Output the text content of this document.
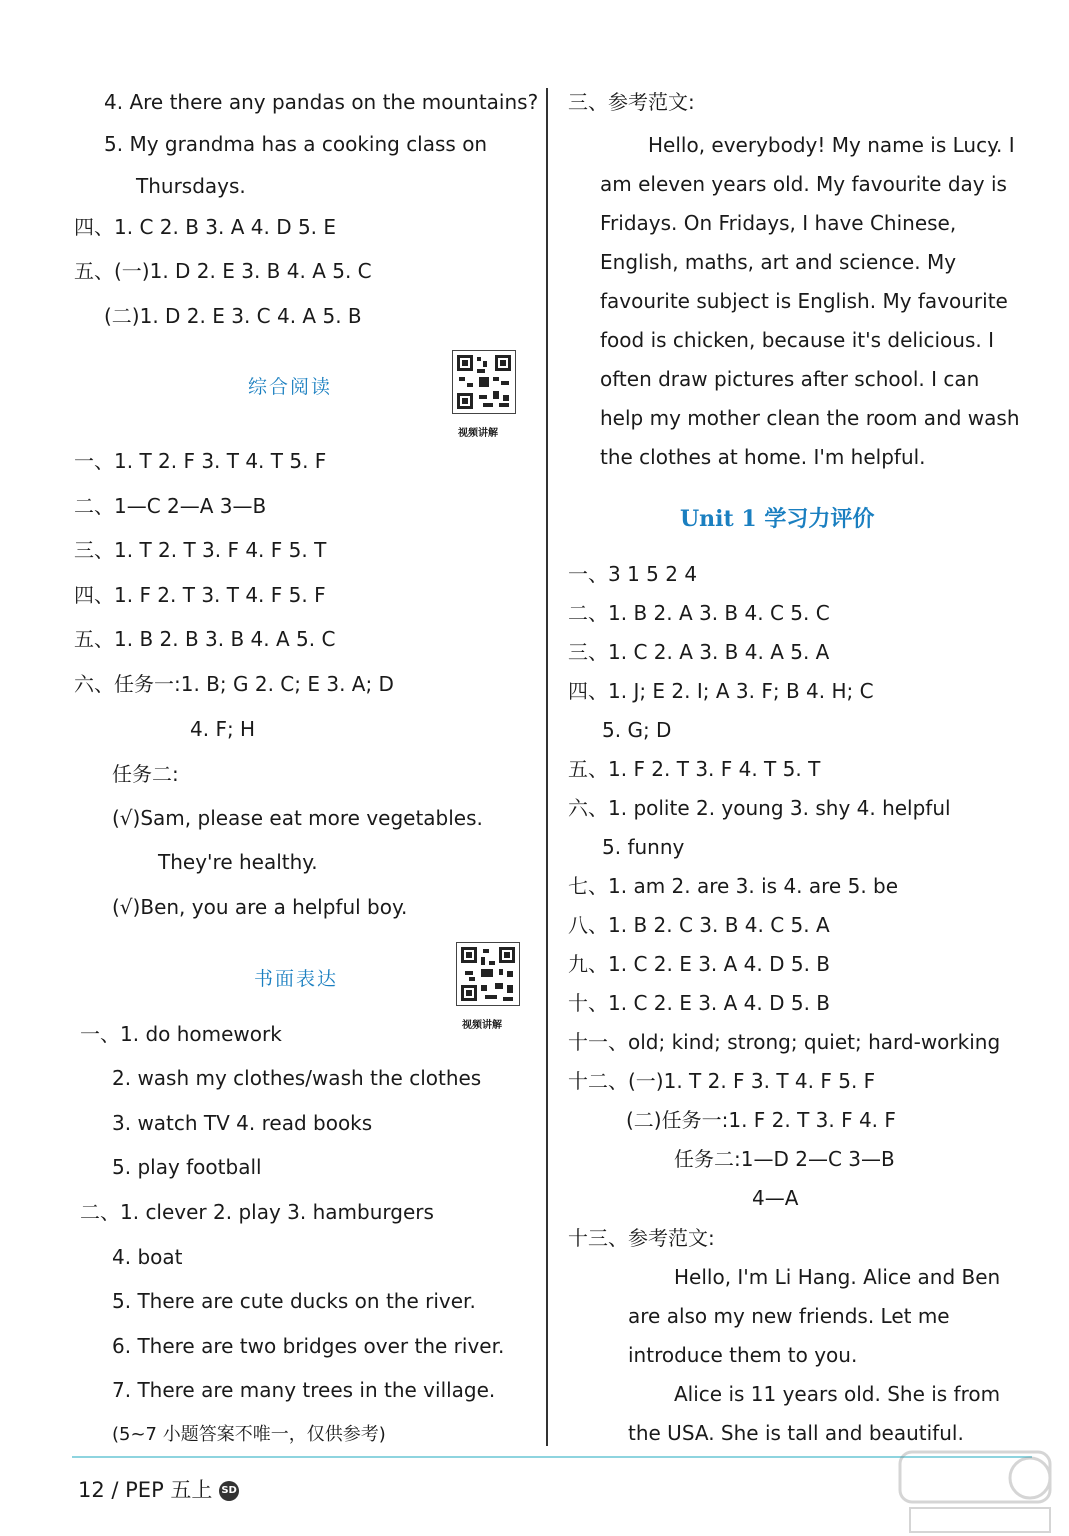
4. Are there any pandas on the mountains?
5. My grandma has a cooking class on
Thursdays.
四、1. C 2. B 3. A 4. D 5. E
五、(一)1. D 2. E 3. B 4. A 5. C
(二)1. D 2. E 3. C 4. A 5. B
综合阅读
视频讲解
一、1. T 2. F 3. T 4. T 5. F
二、1—C 2—A 3—B
三、1. T 2. T 3. F 4. F 5. T
四、1. F 2. T 3. T 4. F 5. F
五、1. B 2. B 3. B 4. A 5. C
六、任务一:1. B; G 2. C; E 3. A; D
4. F; H
任务二:
(√)Sam, please eat more vegetables.
They're healthy.
(√)Ben, you are a helpful boy.
书面表达
视频讲解
一、1. do homework
2. wash my clothes/wash the clothes
3. watch TV 4. read books
5. play football
二、1. clever 2. play 3. hamburgers
4. boat
5. There are cute ducks on the river.
6. There are two bridges over the river.
7. There are many trees in the village.
(5~7 小题答案不唯一，仅供参考)
三、参考范文:
Hello, everybody! My name is Lucy. I
am eleven years old. My favourite day is
Fridays. On Fridays, I have Chinese,
English, maths, art and science. My
favourite subject is English. My favourite
food is chicken, because it's delicious. I
often draw pictures after school. I can
help my mother clean the room and wash
the clothes at home. I'm helpful.
Unit 1 学习力评价
一、3 1 5 2 4
二、1. B 2. A 3. B 4. C 5. C
三、1. C 2. A 3. B 4. A 5. A
四、1. J; E 2. I; A 3. F; B 4. H; C
5. G; D
五、1. F 2. T 3. F 4. T 5. T
六、1. polite 2. young 3. shy 4. helpful
5. funny
七、1. am 2. are 3. is 4. are 5. be
八、1. B 2. C 3. B 4. C 5. A
九、1. C 2. E 3. A 4. D 5. B
十、1. C 2. E 3. A 4. D 5. B
十一、old; kind; strong; quiet; hard-working
十二、(一)1. T 2. F 3. T 4. F 5. F
(二)任务一:1. F 2. T 3. F 4. F
任务二:1—D 2—C 3—B
4—A
十三、参考范文:
Hello, I'm Li Hang. Alice and Ben
are also my new friends. Let me
introduce them to you.
Alice is 11 years old. She is from
the USA. She is tall and beautiful.
12 / PEP 五上 SD
